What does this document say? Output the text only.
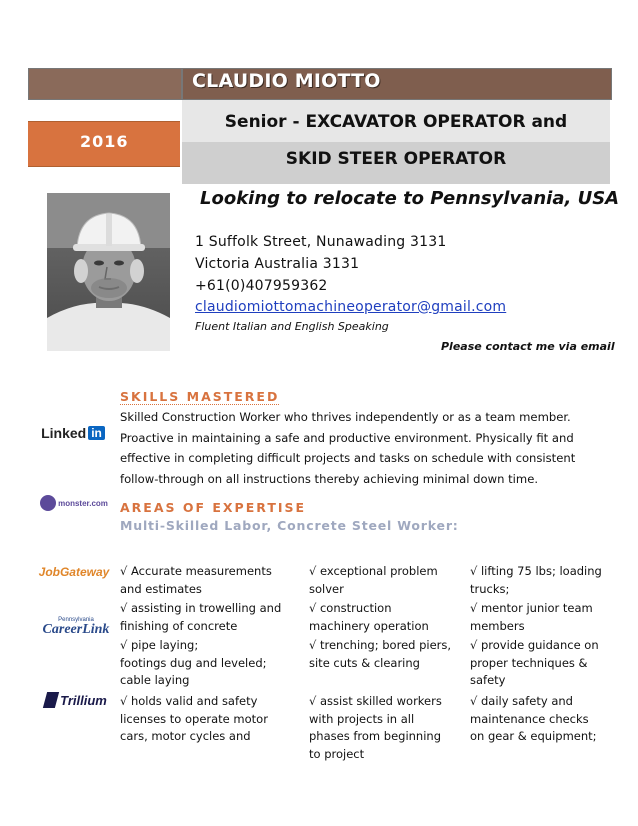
CLAUDIO MIOTTO
2016
Senior - EXCAVATOR OPERATOR and
SKID STEER OPERATOR
Looking to relocate to Pennsylvania, USA
1 Suffolk Street, Nunawading 3131
Victoria Australia 3131
+61(0)407959362
claudiomiottomachineoperator@gmail.com
Fluent Italian and English Speaking
Please contact me via email
Linked in
monster.com
JobGateway
Pennsylvania
CareerLink
Trillium
SKILLS MASTERED
Skilled Construction Worker who thrives independently or as a team member. Proactive in maintaining a safe and productive environment. Physically fit and effective in completing difficult projects and tasks on schedule with consistent follow-through on all instructions thereby achieving minimal down time.
AREAS OF EXPERTISE
Multi-Skilled Labor, Concrete Steel Worker:
√ Accurate measurements and estimates
√ exceptional problem solver
√ lifting 75 lbs; loading trucks;
√ assisting in trowelling and finishing of concrete
√ construction machinery operation
√ mentor junior team members
√ pipe laying;
footings dug and leveled; cable laying
√ trenching; bored piers, site cuts & clearing
√ provide guidance on proper techniques & safety
√ holds valid and safety licenses to operate motor cars, motor cycles and
√ assist skilled workers with projects in all phases from beginning to project
√ daily safety and maintenance checks on gear & equipment;
